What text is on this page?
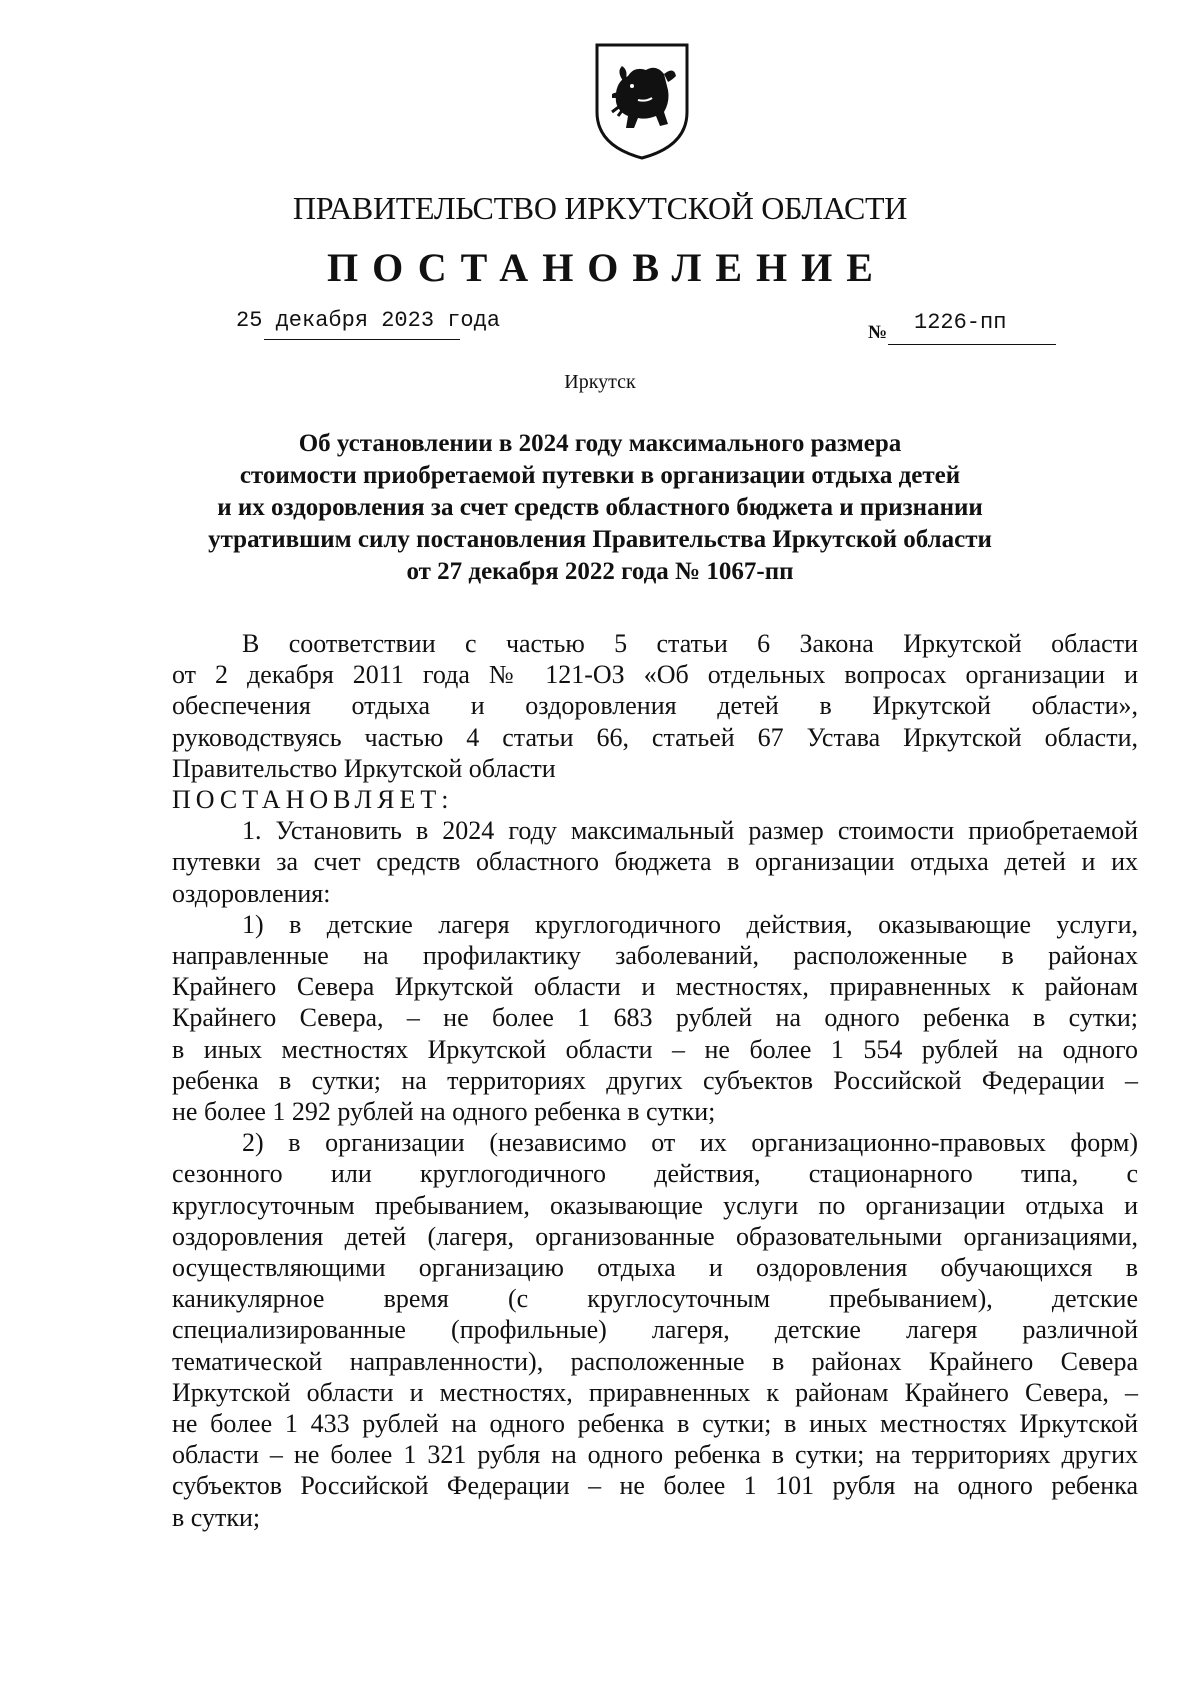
ПРАВИТЕЛЬСТВО ИРКУТСКОЙ ОБЛАСТИ
ПОСТАНОВЛЕНИЕ
25 декабря 2023 года	№ 1226-пп
Иркутск
Об установлении в 2024 году максимального размера
стоимости приобретаемой путевки в организации отдыха детей
и их оздоровления за счет средств областного бюджета и признании
утратившим силу постановления Правительства Иркутской области
от 27 декабря 2022 года № 1067-пп
В соответствии с частью 5 статьи 6 Закона Иркутской области
от 2 декабря 2011 года № 121-ОЗ «Об отдельных вопросах организации и
обеспечения отдыха и оздоровления детей в Иркутской области»,
руководствуясь частью 4 статьи 66, статьей 67 Устава Иркутской области,
Правительство Иркутской области
ПОСТАНОВЛЯЕТ:
1. Установить в 2024 году максимальный размер стоимости приобретаемой
путевки за счет средств областного бюджета в организации отдыха детей и их
оздоровления:
1) в детские лагеря круглогодичного действия, оказывающие услуги,
направленные на профилактику заболеваний, расположенные в районах
Крайнего Севера Иркутской области и местностях, приравненных к районам
Крайнего Севера, – не более 1 683 рублей на одного ребенка в сутки;
в иных местностях Иркутской области – не более 1 554 рублей на одного
ребенка в сутки; на территориях других субъектов Российской Федерации –
не более 1 292 рублей на одного ребенка в сутки;
2) в организации (независимо от их организационно-правовых форм)
сезонного или круглогодичного действия, стационарного типа, с
круглосуточным пребыванием, оказывающие услуги по организации отдыха и
оздоровления детей (лагеря, организованные образовательными организациями,
осуществляющими организацию отдыха и оздоровления обучающихся в
каникулярное время (с круглосуточным пребыванием), детские
специализированные (профильные) лагеря, детские лагеря различной
тематической направленности), расположенные в районах Крайнего Севера
Иркутской области и местностях, приравненных к районам Крайнего Севера, –
не более 1 433 рублей на одного ребенка в сутки; в иных местностях Иркутской
области – не более 1 321 рубля на одного ребенка в сутки; на территориях других
субъектов Российской Федерации – не более 1 101 рубля на одного ребенка
в сутки;
